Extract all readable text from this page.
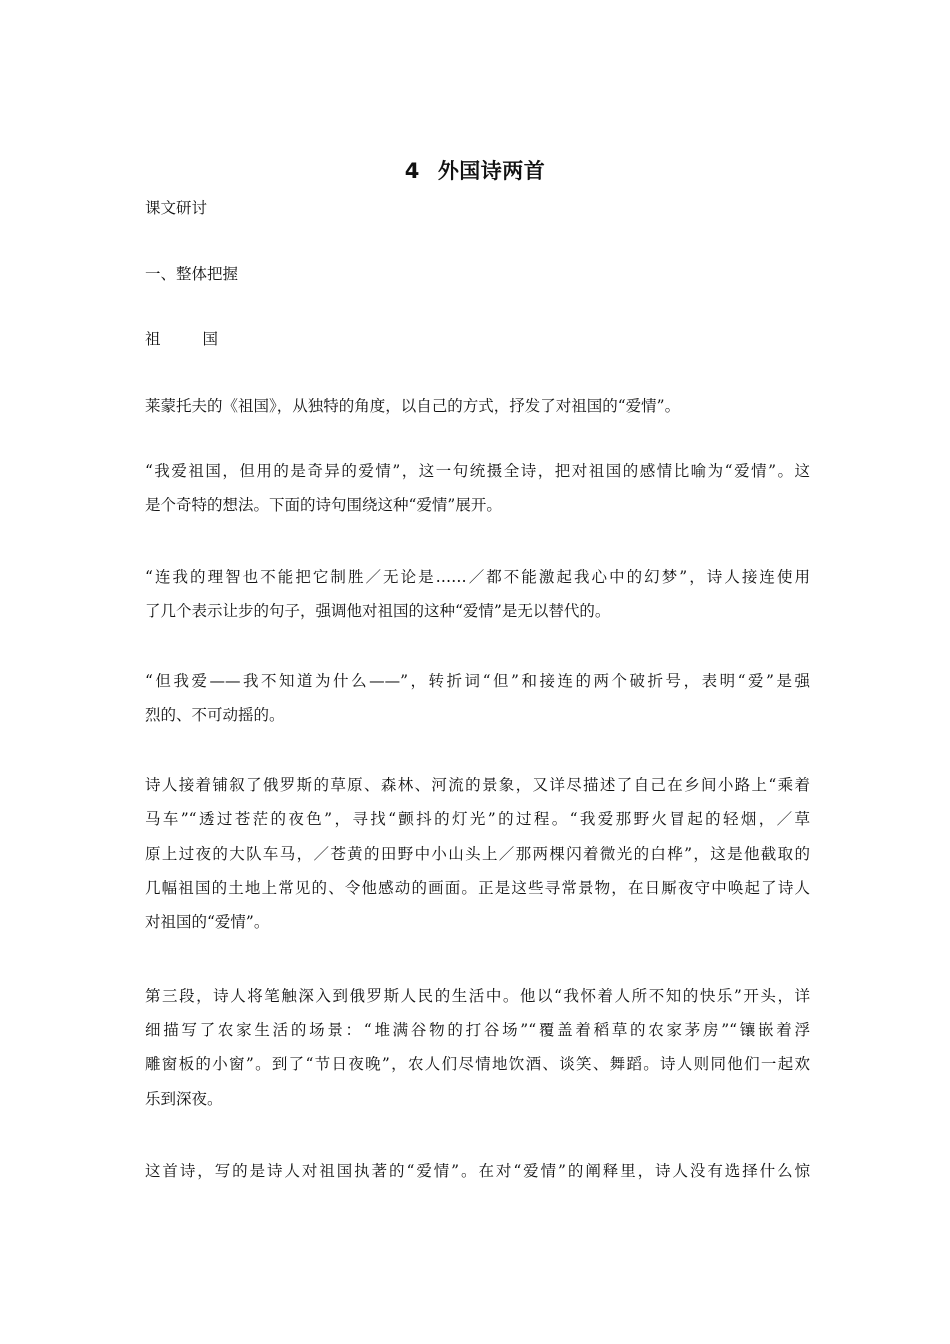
4 外国诗两首
课文研讨
一、整体把握
祖	国
莱蒙托夫的《祖国》，从独特的角度，以自己的方式，抒发了对祖国的“爱情”。
“我爱祖国，但用的是奇异的爱情”，这一句统摄全诗，把对祖国的感情比喻为“爱情”。这
是个奇特的想法。下面的诗句围绕这种“爱情”展开。
“连我的理智也不能把它制胜／无论是……／都不能激起我心中的幻梦”，诗人接连使用
了几个表示让步的句子，强调他对祖国的这种“爱情”是无以替代的。
“但我爱——我不知道为什么——”，转折词“但”和接连的两个破折号，表明“爱”是强
烈的、不可动摇的。
诗人接着铺叙了俄罗斯的草原、森林、河流的景象，又详尽描述了自己在乡间小路上“乘着
马车”“透过苍茫的夜色”，寻找“颤抖的灯光”的过程。“我爱那野火冒起的轻烟，／草
原上过夜的大队车马，／苍黄的田野中小山头上／那两棵闪着微光的白桦”，这是他截取的
几幅祖国的土地上常见的、令他感动的画面。正是这些寻常景物，在日厮夜守中唤起了诗人
对祖国的“爱情”。
第三段，诗人将笔触深入到俄罗斯人民的生活中。他以“我怀着人所不知的快乐”开头，详
细描写了农家生活的场景：“堆满谷物的打谷场”“覆盖着稻草的农家茅房”“镶嵌着浮
雕窗板的小窗”。到了“节日夜晚”，农人们尽情地饮酒、谈笑、舞蹈。诗人则同他们一起欢
乐到深夜。
这首诗，写的是诗人对祖国执著的“爱情”。在对“爱情”的阐释里，诗人没有选择什么惊
